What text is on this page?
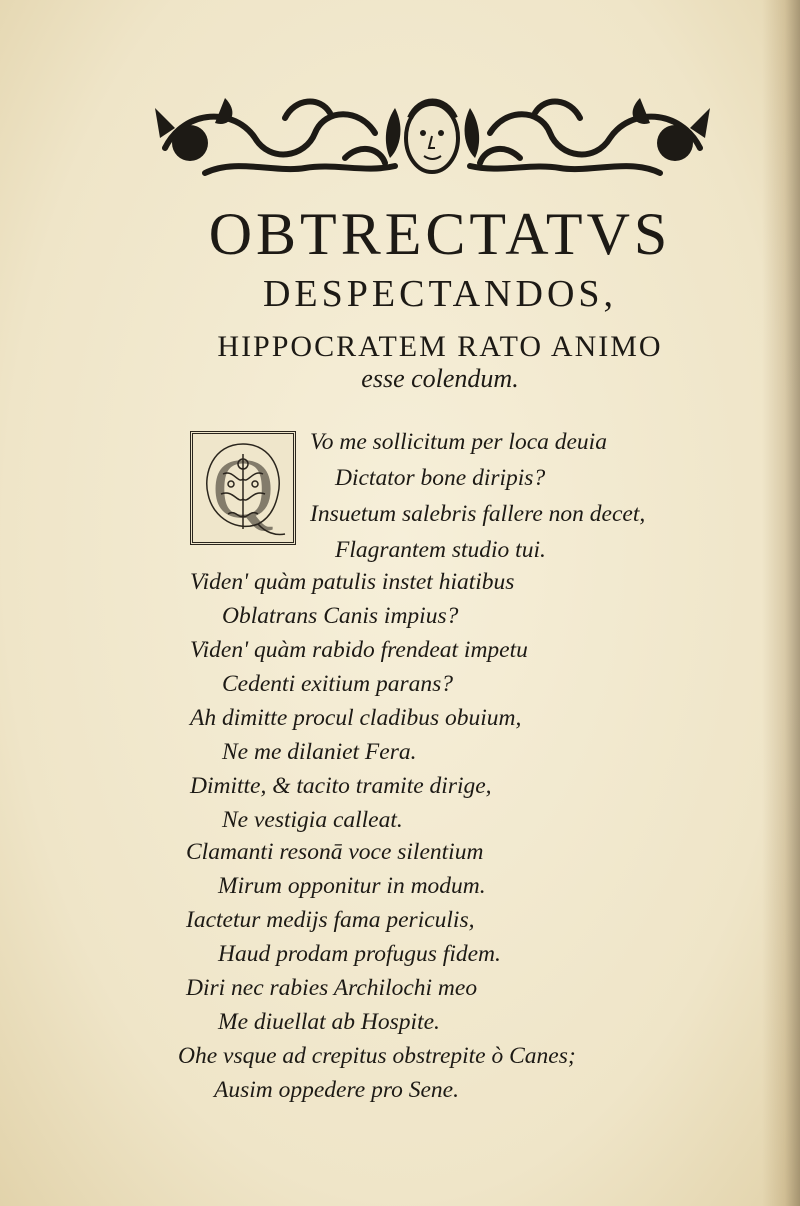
OBTRECTATVS
DESPECTANDOS,
HIPPOCRATEM RATO ANIMO
esse colendum.
Q	Vo me sollicitum per loca deuia
Dictator bone diripis?
Insuetum salebris fallere non decet,
Flagrantem studio tui.
Viden' quàm patulis instet hiatibus
Oblatrans Canis impius?
Viden' quàm rabido frendeat impetu
Cedenti exitium parans?
Ah dimitte procul cladibus obuium,
Ne me dilaniet Fera.
Dimitte, & tacito tramite dirige,
Ne vestigia calleat.
Clamanti resonā voce silentium
Mirum opponitur in modum.
Iactetur medijs fama periculis,
Haud prodam profugus fidem.
Diri nec rabies Archilochi meo
Me diuellat ab Hospite.
Ohe vsque ad crepitus obstrepite ò Canes;
Ausim oppedere pro Sene.
